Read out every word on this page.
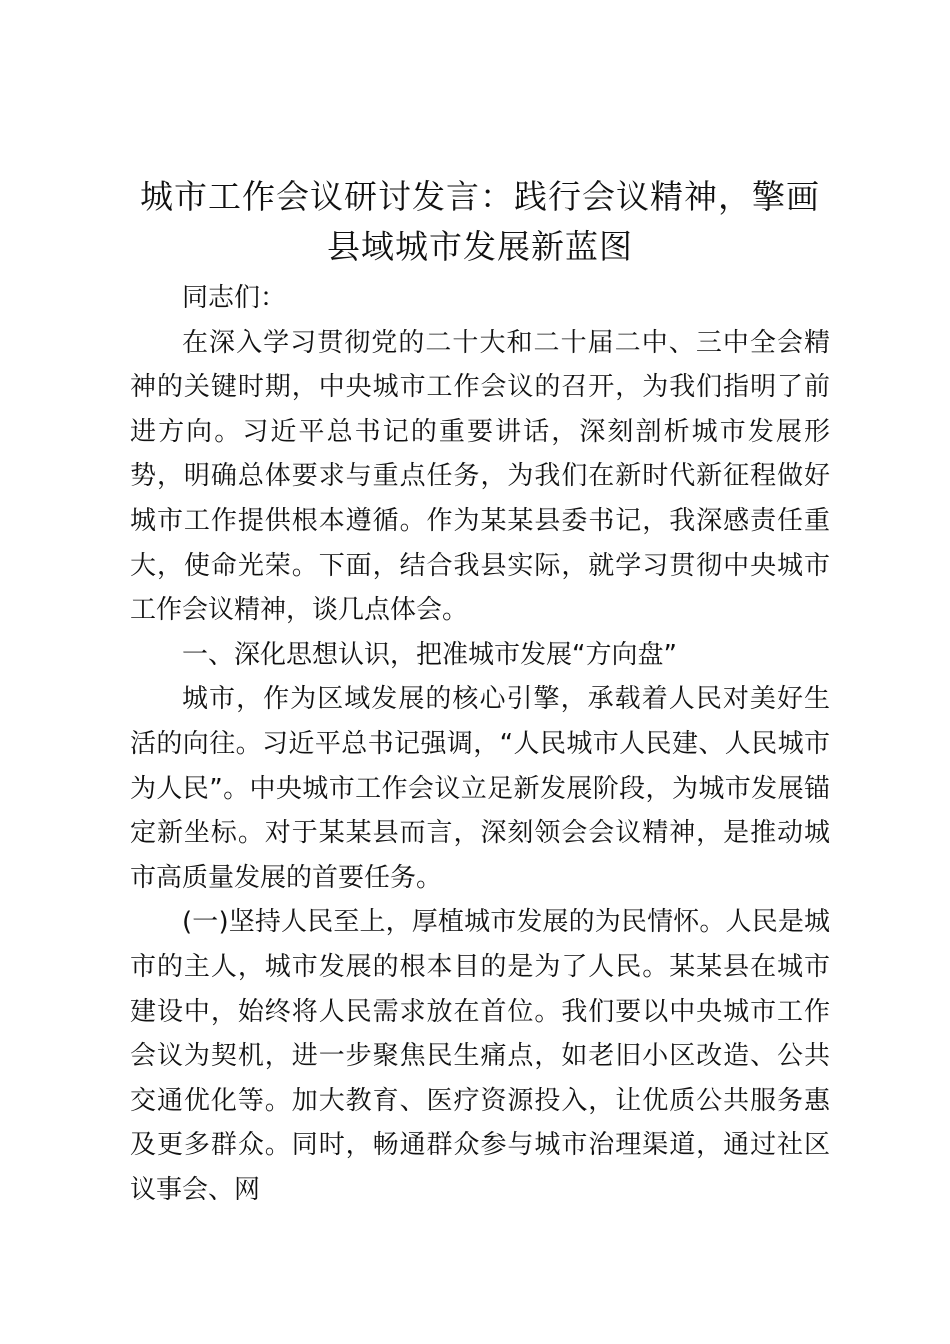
城市工作会议研讨发言：践行会议精神，擎画
县域城市发展新蓝图

同志们：

在深入学习贯彻党的二十大和二十届二中、三中全会精神的关键时期，中央城市工作会议的召开，为我们指明了前进方向。习近平总书记的重要讲话，深刻剖析城市发展形势，明确总体要求与重点任务，为我们在新时代新征程做好城市工作提供根本遵循。作为某某县委书记，我深感责任重大，使命光荣。下面，结合我县实际，就学习贯彻中央城市工作会议精神，谈几点体会。

一、深化思想认识，把准城市发展“方向盘”

城市，作为区域发展的核心引擎，承载着人民对美好生活的向往。习近平总书记强调，“人民城市人民建、人民城市为人民”。中央城市工作会议立足新发展阶段，为城市发展锚定新坐标。对于某某县而言，深刻领会会议精神，是推动城市高质量发展的首要任务。

(一)坚持人民至上，厚植城市发展的为民情怀。人民是城市的主人，城市发展的根本目的是为了人民。某某县在城市建设中，始终将人民需求放在首位。我们要以中央城市工作会议为契机，进一步聚焦民生痛点，如老旧小区改造、公共交通优化等。加大教育、医疗资源投入，让优质公共服务惠及更多群众。同时，畅通群众参与城市治理渠道，通过社区议事会、网
